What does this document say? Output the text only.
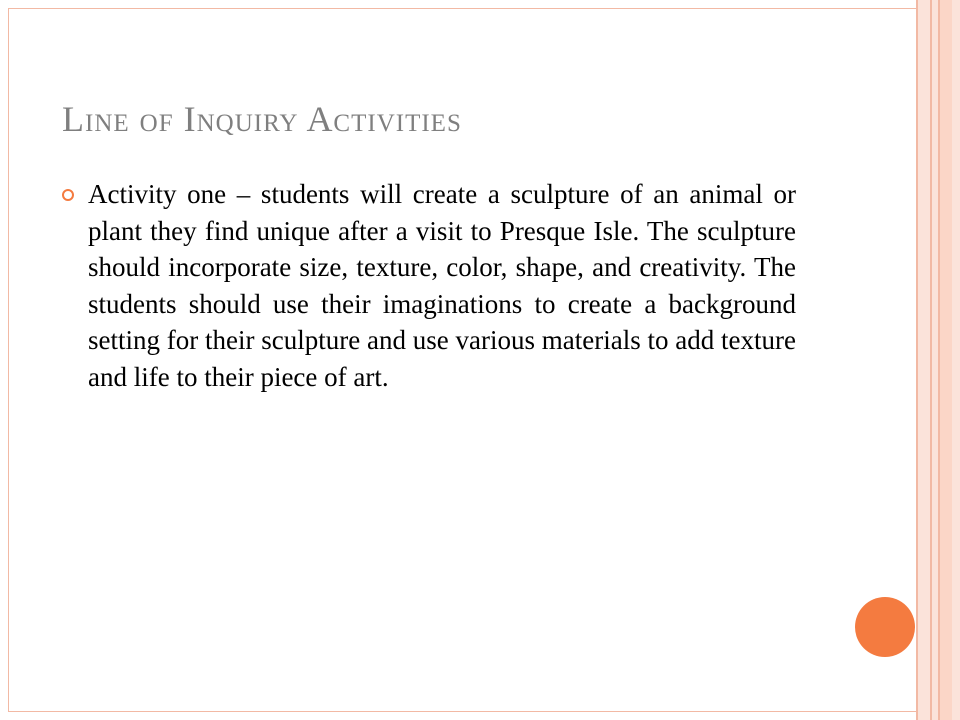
Line of Inquiry Activities
Activity one – students will create a sculpture of an animal or plant they find unique after a visit to Presque Isle. The sculpture should incorporate size, texture, color, shape, and creativity. The students should use their imaginations to create a background setting for their sculpture and use various materials to add texture and life to their piece of art.
